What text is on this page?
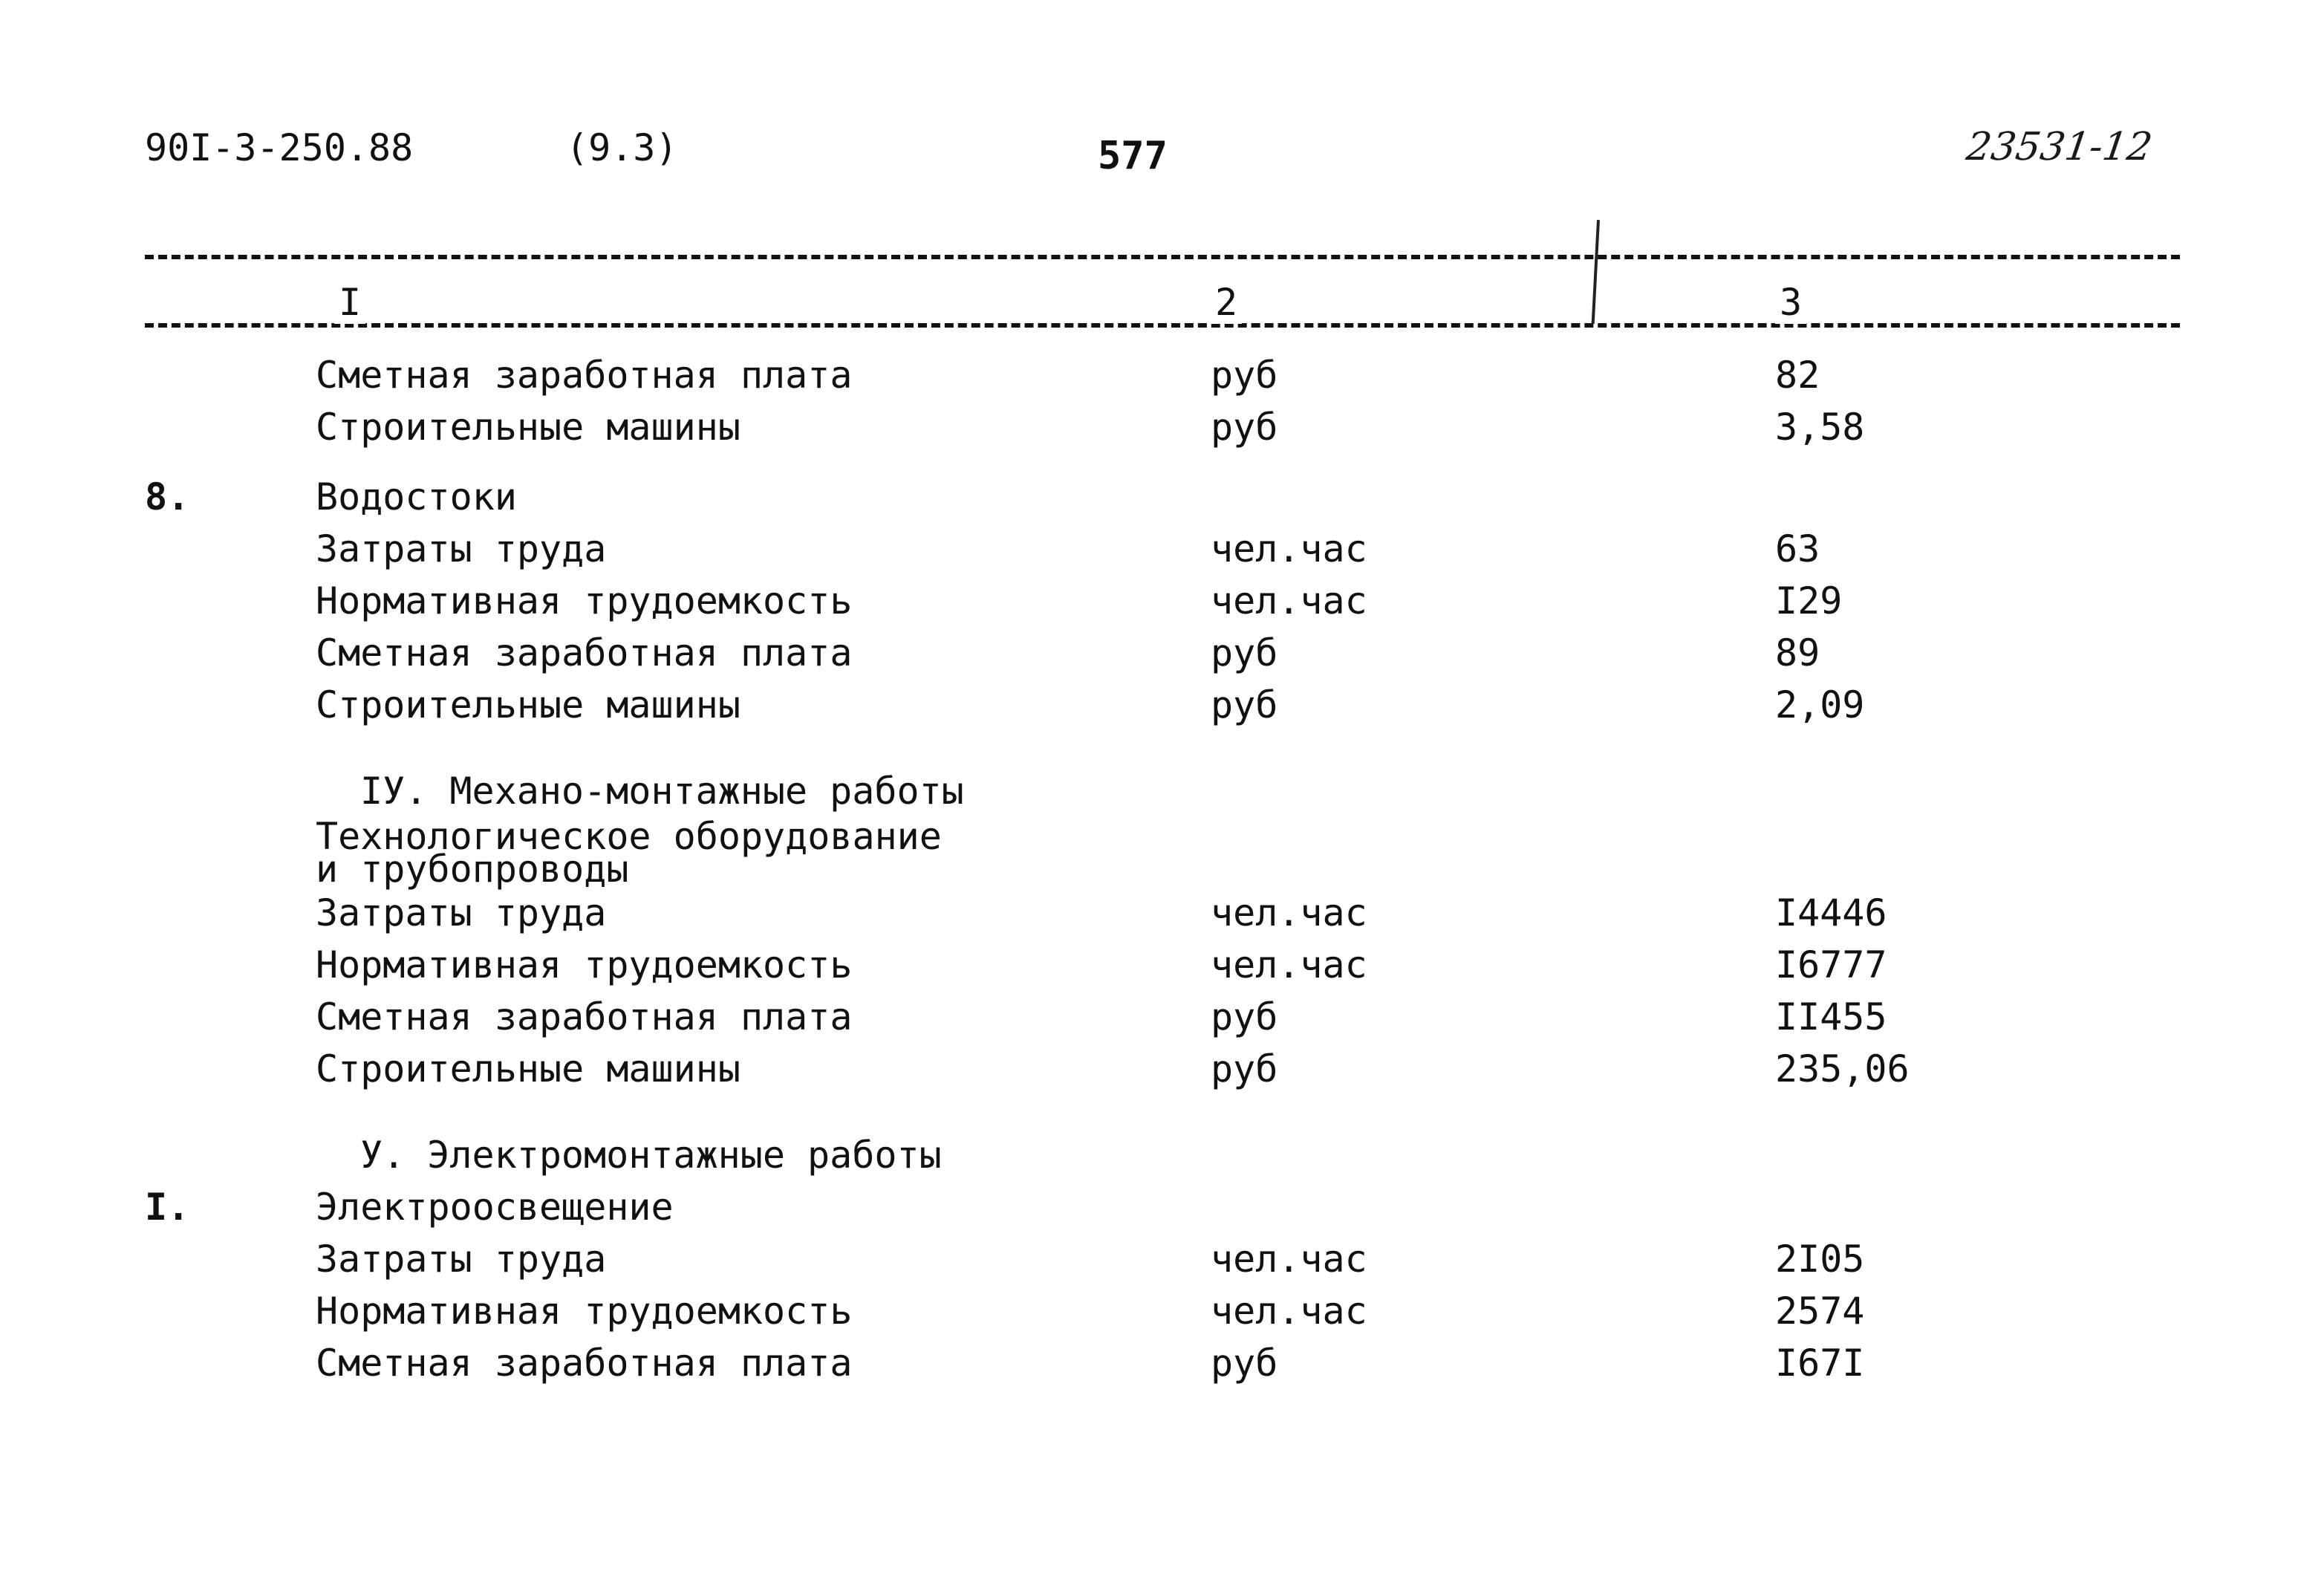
90I-3-250.88	(9.3)	577	23531-12
I	2	3
Сметная заработная плата	руб	82
Строительные машины	руб	3,58
8.	Водостоки
Затраты труда	чел.час	63
Нормативная трудоемкость	чел.час	I29
Сметная заработная плата	руб	89
Строительные машины	руб	2,09
IУ. Механо-монтажные работы
Технологическое оборудование и трубопроводы
Затраты труда	чел.час	I4446
Нормативная трудоемкость	чел.час	I6777
Сметная заработная плата	руб	II455
Строительные машины	руб	235,06
У. Электромонтажные работы
I.	Электроосвещение
Затраты труда	чел.час	2I05
Нормативная трудоемкость	чел.час	2574
Сметная заработная плата	руб	I67I
